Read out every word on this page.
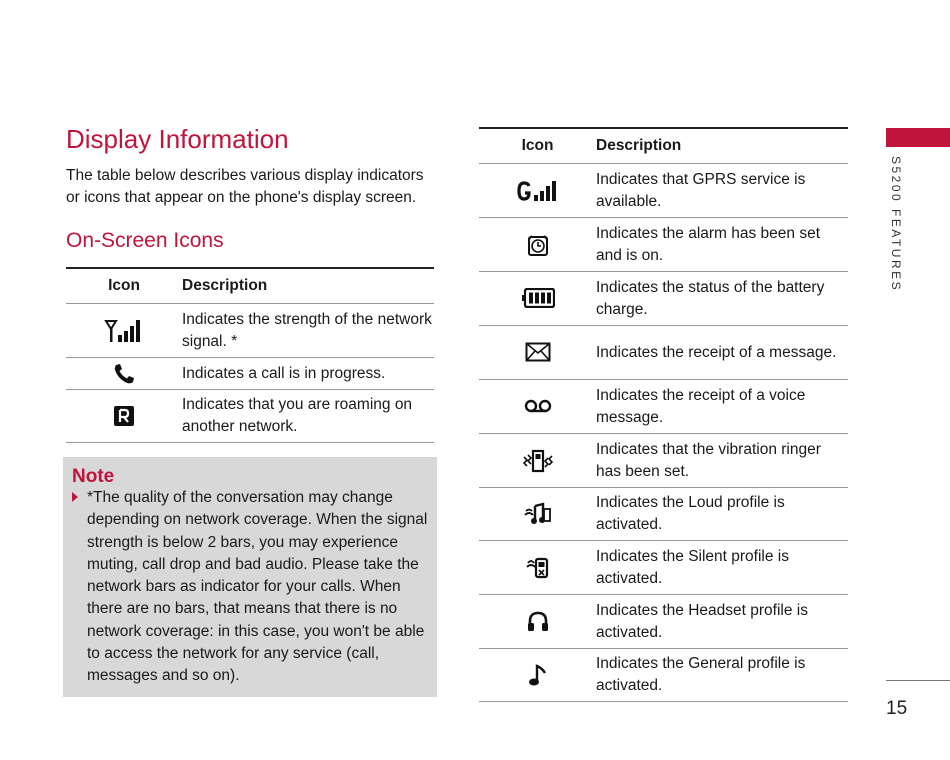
Display Information

The table below describes various display indicators or icons that appear on the phone's display screen.

On-Screen Icons
Icon	Description
	Indicates the strength of the network signal. *
	Indicates a call is in progress.
	Indicates that you are roaming on another network.
Note

*The quality of the conversation may change depending on network coverage. When the signal strength is below 2 bars, you may experience muting, call drop and bad audio. Please take the network bars as indicator for your calls. When there are no bars, that means that there is no network coverage: in this case, you won't be able to access the network for any service (call, messages and so on).

Icon	Description
	Indicates that GPRS service is available.
	Indicates the alarm has been set and is on.
	Indicates the status of the battery charge.
	Indicates the receipt of a message.
	Indicates the receipt of a voice message.
	Indicates that the vibration ringer has been set.
	Indicates the Loud profile is activated.
	Indicates the Silent profile is activated.
	Indicates the Headset profile is activated.
	Indicates the General profile is activated.
S5200 FEATURES
15
